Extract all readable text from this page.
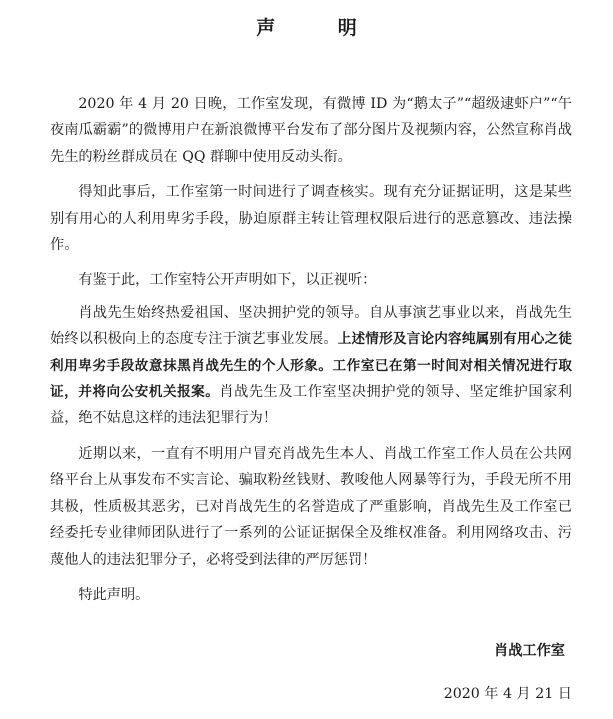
声 明

2020 年 4 月 20 日晚，工作室发现，有微博 ID 为“鹅太子”“超级逮虾户”“午夜南瓜霸霸”的微博用户在新浪微博平台发布了部分图片及视频内容，公然宣称肖战先生的粉丝群成员在 QQ 群聊中使用反动头衔。

得知此事后，工作室第一时间进行了调查核实。现有充分证据证明，这是某些别有用心的人利用卑劣手段，胁迫原群主转让管理权限后进行的恶意篡改、违法操作。

有鉴于此，工作室特公开声明如下，以正视听：

肖战先生始终热爱祖国、坚决拥护党的领导。自从事演艺事业以来，肖战先生始终以积极向上的态度专注于演艺事业发展。上述情形及言论内容纯属别有用心之徒利用卑劣手段故意抹黑肖战先生的个人形象。工作室已在第一时间对相关情况进行取证，并将向公安机关报案。肖战先生及工作室坚决拥护党的领导、坚定维护国家利益，绝不姑息这样的违法犯罪行为！

近期以来，一直有不明用户冒充肖战先生本人、肖战工作室工作人员在公共网络平台上从事发布不实言论、骗取粉丝钱财、教唆他人网暴等行为，手段无所不用其极，性质极其恶劣，已对肖战先生的名誉造成了严重影响，肖战先生及工作室已经委托专业律师团队进行了一系列的公证证据保全及维权准备。利用网络攻击、污蔑他人的违法犯罪分子，必将受到法律的严厉惩罚！

特此声明。

肖战工作室
2020 年 4 月 21 日
